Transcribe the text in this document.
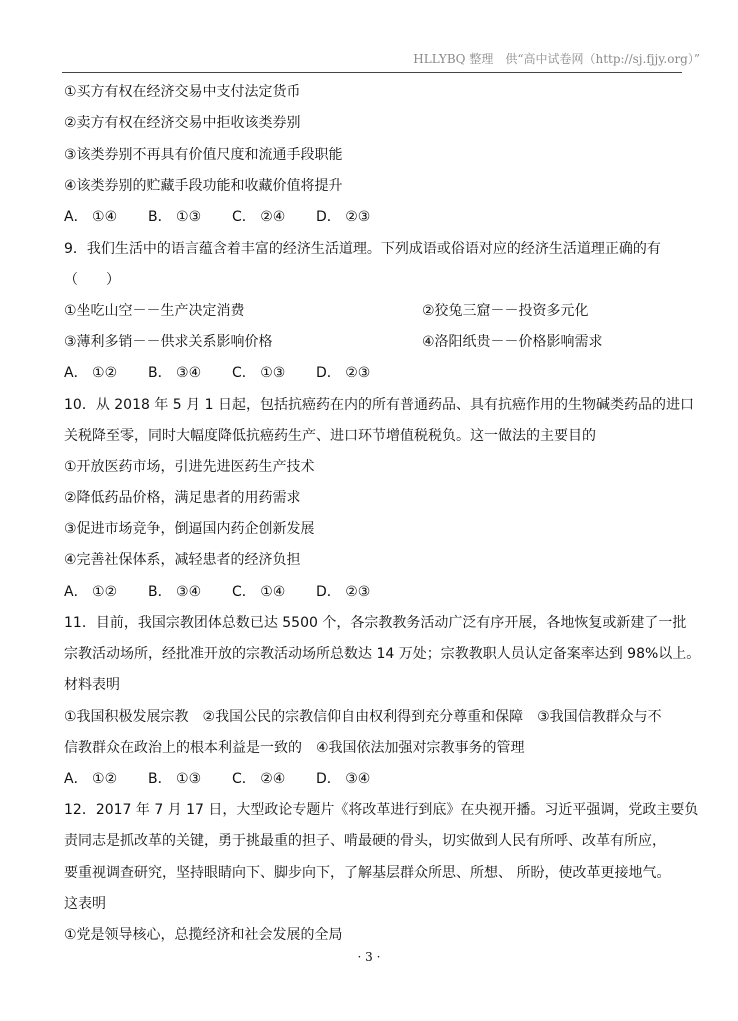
HLLYBQ 整理　供“高中试卷网（http://sj.fjjy.org）”
①买方有权在经济交易中支付法定货币
②卖方有权在经济交易中拒收该类券别
③该类券别不再具有价值尺度和流通手段职能
④该类券别的贮藏手段功能和收藏价值将提升
A． ①④ B． ①③ C． ②④ D． ②③
9．我们生活中的语言蕴含着丰富的经济生活道理。下列成语或俗语对应的经济生活道理正确的有
（　　）
①坐吃山空－－生产决定消费	②狡兔三窟－－投资多元化
③薄利多销－－供求关系影响价格	④洛阳纸贵－－价格影响需求
A． ①② B． ③④ C． ①③ D． ②③
10．从 2018 年 5 月 1 日起，包括抗癌药在内的所有普通药品、具有抗癌作用的生物碱类药品的进口
关税降至零，同时大幅度降低抗癌药生产、进口环节增值税税负。这一做法的主要目的
①开放医药市场，引进先进医药生产技术
②降低药品价格，满足患者的用药需求
③促进市场竞争，倒逼国内药企创新发展
④完善社保体系，减轻患者的经济负担
A． ①② B． ③④ C． ①④ D． ②③
11．目前，我国宗教团体总数已达 5500 个，各宗教教务活动广泛有序开展，各地恢复或新建了一批
宗教活动场所，经批准开放的宗教活动场所总数达 14 万处；宗教教职人员认定备案率达到 98%以上。
材料表明
①我国积极发展宗教　②我国公民的宗教信仰自由权利得到充分尊重和保障　③我国信教群众与不
信教群众在政治上的根本利益是一致的　④我国依法加强对宗教事务的管理
A． ①② B． ①③ C． ②④ D． ③④
12．2017 年 7 月 17 日，大型政论专题片《将改革进行到底》在央视开播。习近平强调，党政主要负
责同志是抓改革的关键，勇于挑最重的担子、啃最硬的骨头，切实做到人民有所呼、改革有所应，
要重视调查研究，坚持眼睛向下、脚步向下，了解基层群众所思、所想、 所盼，使改革更接地气。
这表明
①党是领导核心，总揽经济和社会发展的全局
· 3 ·
